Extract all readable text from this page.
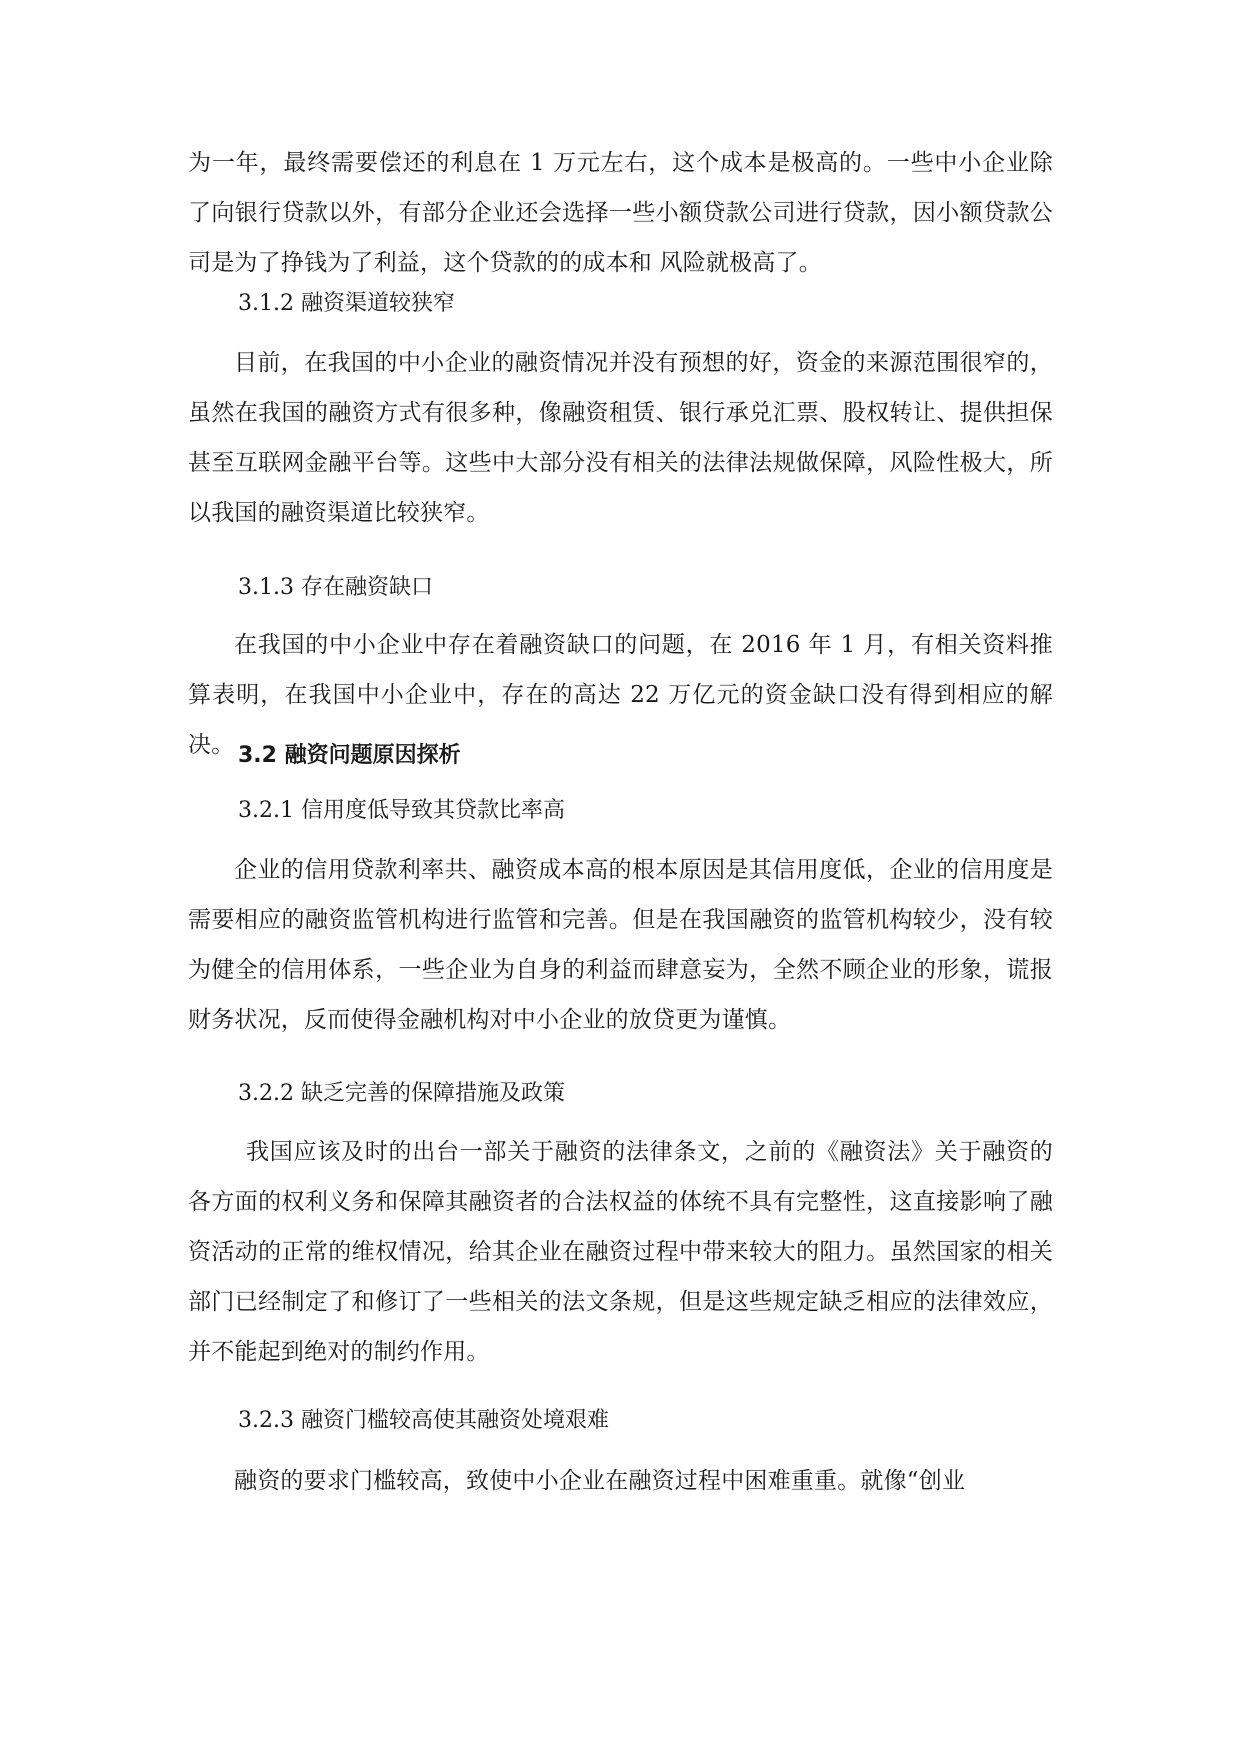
为一年，最终需要偿还的利息在 1 万元左右，这个成本是极高的。一些中小企业除了向银行贷款以外，有部分企业还会选择一些小额贷款公司进行贷款，因小额贷款公司是为了挣钱为了利益，这个贷款的的成本和 风险就极高了。

3.1.2 融资渠道较狭窄

目前，在我国的中小企业的融资情况并没有预想的好，资金的来源范围很窄的，虽然在我国的融资方式有很多种，像融资租赁、银行承兑汇票、股权转让、提供担保甚至互联网金融平台等。这些中大部分没有相关的法律法规做保障，风险性极大，所以我国的融资渠道比较狭窄。

3.1.3 存在融资缺口

在我国的中小企业中存在着融资缺口的问题，在 2016 年 1 月，有相关资料推算表明，在我国中小企业中，存在的高达 22 万亿元的资金缺口没有得到相应的解决。 3.2 融资问题原因探析

3.2.1 信用度低导致其贷款比率高

企业的信用贷款利率共、融资成本高的根本原因是其信用度低，企业的信用度是需要相应的融资监管机构进行监管和完善。但是在我国融资的监管机构较少，没有较为健全的信用体系，一些企业为自身的利益而肆意妄为，全然不顾企业的形象，谎报财务状况，反而使得金融机构对中小企业的放贷更为谨慎。

3.2.2 缺乏完善的保障措施及政策

我国应该及时的出台一部关于融资的法律条文，之前的《融资法》关于融资的各方面的权利义务和保障其融资者的合法权益的体统不具有完整性，这直接影响了融资活动的正常的维权情况，给其企业在融资过程中带来较大的阻力。虽然国家的相关部门已经制定了和修订了一些相关的法文条规，但是这些规定缺乏相应的法律效应，并不能起到绝对的制约作用。

3.2.3 融资门槛较高使其融资处境艰难

融资的要求门槛较高，致使中小企业在融资过程中困难重重。就像“创业
